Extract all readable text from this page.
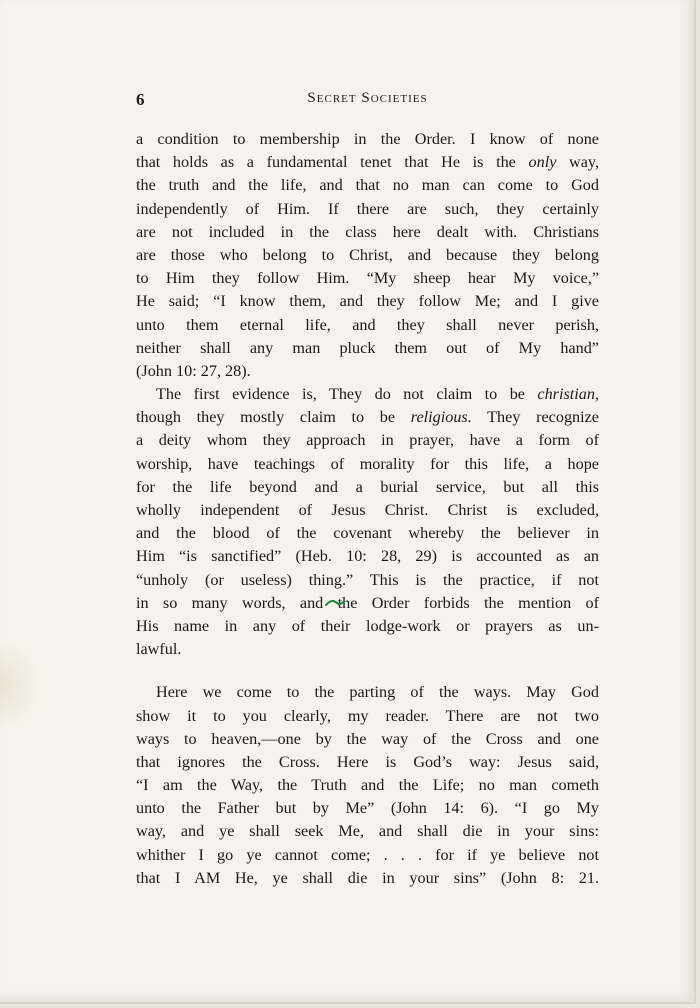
6	Secret Societies
a condition to membership in the Order. I know of none
that holds as a fundamental tenet that He is the only way,
the truth and the life, and that no man can come to God
independently of Him. If there are such, they certainly
are not included in the class here dealt with. Christians
are those who belong to Christ, and because they belong
to Him they follow Him. “My sheep hear My voice,”
He said; “I know them, and they follow Me; and I give
unto them eternal life, and they shall never perish,
neither shall any man pluck them out of My hand”
(John 10: 27, 28).
The first evidence is, They do not claim to be christian,
though they mostly claim to be religious. They recognize
a deity whom they approach in prayer, have a form of
worship, have teachings of morality for this life, a hope
for the life beyond and a burial service, but all this
wholly independent of Jesus Christ. Christ is excluded,
and the blood of the covenant whereby the believer in
Him “is sanctified” (Heb. 10: 28, 29) is accounted as an
“unholy (or useless) thing.” This is the practice, if not
in so many words, and the Order forbids the mention of
His name in any of their lodge-work or prayers as un-
lawful.
Here we come to the parting of the ways. May God
show it to you clearly, my reader. There are not two
ways to heaven,—one by the way of the Cross and one
that ignores the Cross. Here is God’s way: Jesus said,
“I am the Way, the Truth and the Life; no man cometh
unto the Father but by Me” (John 14: 6). “I go My
way, and ye shall seek Me, and shall die in your sins:
whither I go ye cannot come; . . . for if ye believe not
that I AM He, ye shall die in your sins” (John 8: 21.
